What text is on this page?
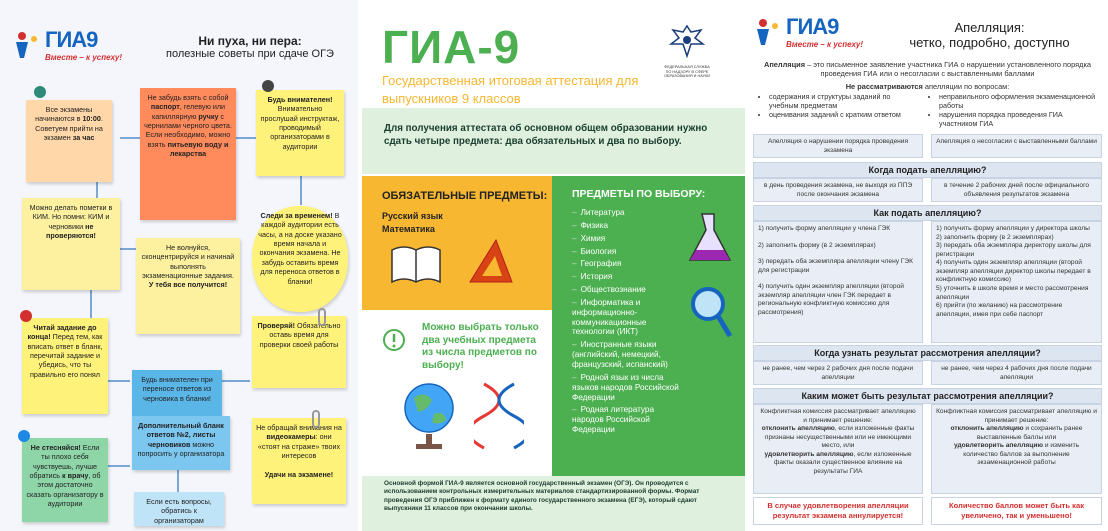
ГИА9
Вместе – к успеху!
Ни пуха, ни пера:
полезные советы при сдаче ОГЭ
Все экзамены начинаются в 10:00. Советуем прийти на экзамен за час
Не забудь взять с собой паспорт, гелевую или капиллярную ручку с чернилами черного цвета. Если необходимо, можно взять питьевую воду и лекарства
Будь внимателен! Внимательно прослушай инструктаж, проводимый организаторами в аудитории
Можно делать пометки в КИМ. Но помни: КИМ и черновики не проверяются!
Следи за временем! В каждой аудитории есть часы, а на доске указано время начала и окончания экзамена. Не забудь оставить время для переноса ответов в бланки!
Не волнуйся, сконцентрируйся и начинай выполнять экзаменационные задания. У тебя все получится!
Читай задание до конца! Перед тем, как вписать ответ в бланк, перечитай задание и убедись, что ты правильно его понял
Проверяй! Обязательно оставь время для проверки своей работы
Будь внимателен при переносе ответов из черновика в бланки!
Дополнительный бланк ответов №2, листы черновиков можно попросить у организатора
Не обращай внимания на видеокамеры: они «стоят на страже» твоих интересов

Удачи на экзамене!
Не стесняйся! Если ты плохо себя чувствуешь, лучше обратись к врачу, об этом достаточно сказать организатору в аудитории	Если есть вопросы, обратись к организаторам
ГИА-9
Государственная итоговая аттестация для выпускников 9 классов
ФЕДЕРАЛЬНАЯ СЛУЖБА ПО НАДЗОРУ В СФЕРЕ ОБРАЗОВАНИЯ И НАУКИ
Для получения аттестата об основном общем образовании нужно сдать четыре предмета: два обязательных и два по выбору.
ОБЯЗАТЕЛЬНЫЕ ПРЕДМЕТЫ:
Русский язык
Математика
ПРЕДМЕТЫ ПО ВЫБОРУ:
– Литература
– Физика
– Химия
– Биология
– География
– История
– Обществознание
– Информатика и информационно-коммуникационные технологии (ИКТ)
– Иностранные языки (английский, немецкий, французский, испанский)
– Родной язык из числа языков народов Российской Федерации
– Родная литература народов Российской Федерации
Можно выбрать только два учебных предмета из числа предметов по выбору!
Основной формой ГИА-9 является основной государственный экзамен (ОГЭ). Он проводится с использованием контрольных измерительных материалов стандартизированной формы. Формат проведения ОГЭ приближен к формату единого государственного экзамена (ЕГЭ), который сдают выпускники 11 классов при окончании школы.
ГИА9
Вместе – к успеху!
Апелляция:
четко, подробно, доступно
Апелляция – это письменное заявление участника ГИА о нарушении установленного порядка проведения ГИА или о несогласии с выставленными баллами
Не рассматриваются апелляции по вопросам:
• содержания и структуры заданий по учебным предметам
• оценивания заданий с кратким ответом
• неправильного оформления экзаменационной работы
• нарушения порядка проведения ГИА участником ГИА
Апелляция о нарушении порядка проведения экзамена
Апелляция о несогласии с выставленными баллами
Когда подать апелляцию?
в день проведения экзамена, не выходя из ППЭ после окончания экзамена
в течение 2 рабочих дней после официального объявления результатов экзамена
Как подать апелляцию?
1) получить форму апелляции у члена ГЭК
2) заполнить форму (в 2 экземплярах)
3) передать оба экземпляра апелляции члену ГЭК для регистрации
4) получить один экземпляр апелляции (второй экземпляр апелляции член ГЭК передает в региональную конфликтную комиссию для рассмотрения)
1) получить форму апелляции у директора школы
2) заполнить форму (в 2 экземплярах)
3) передать оба экземпляра директору школы для регистрации
4) получить один экземпляр апелляции (второй экземпляр апелляции директор школы передает в конфликтную комиссию)
5) уточнить в школе время и место рассмотрения апелляции
6) прийти (по желанию) на рассмотрение апелляции, имея при себе паспорт
Когда узнать результат рассмотрения апелляции?
не ранее, чем через 2 рабочих дня после подачи апелляции
не ранее, чем через 4 рабочих дня после подачи апелляции
Каким может быть результат рассмотрения апелляции?
Конфликтная комиссия рассматривает апелляцию и принимает решение:
отклонить апелляцию, если изложенные факты признаны несущественными или не имеющими место, или
удовлетворить апелляцию, если изложенные факты оказали существенное влияние на результаты ГИА
Конфликтная комиссия рассматривает апелляцию и принимает решение:
отклонить апелляцию и сохранить ранее выставленные баллы или
удовлетворить апелляцию и изменить количество баллов за выполнение экзаменационной работы
В случае удовлетворения апелляции результат экзамена аннулируется!
Количество баллов может быть как увеличено, так и уменьшено!
